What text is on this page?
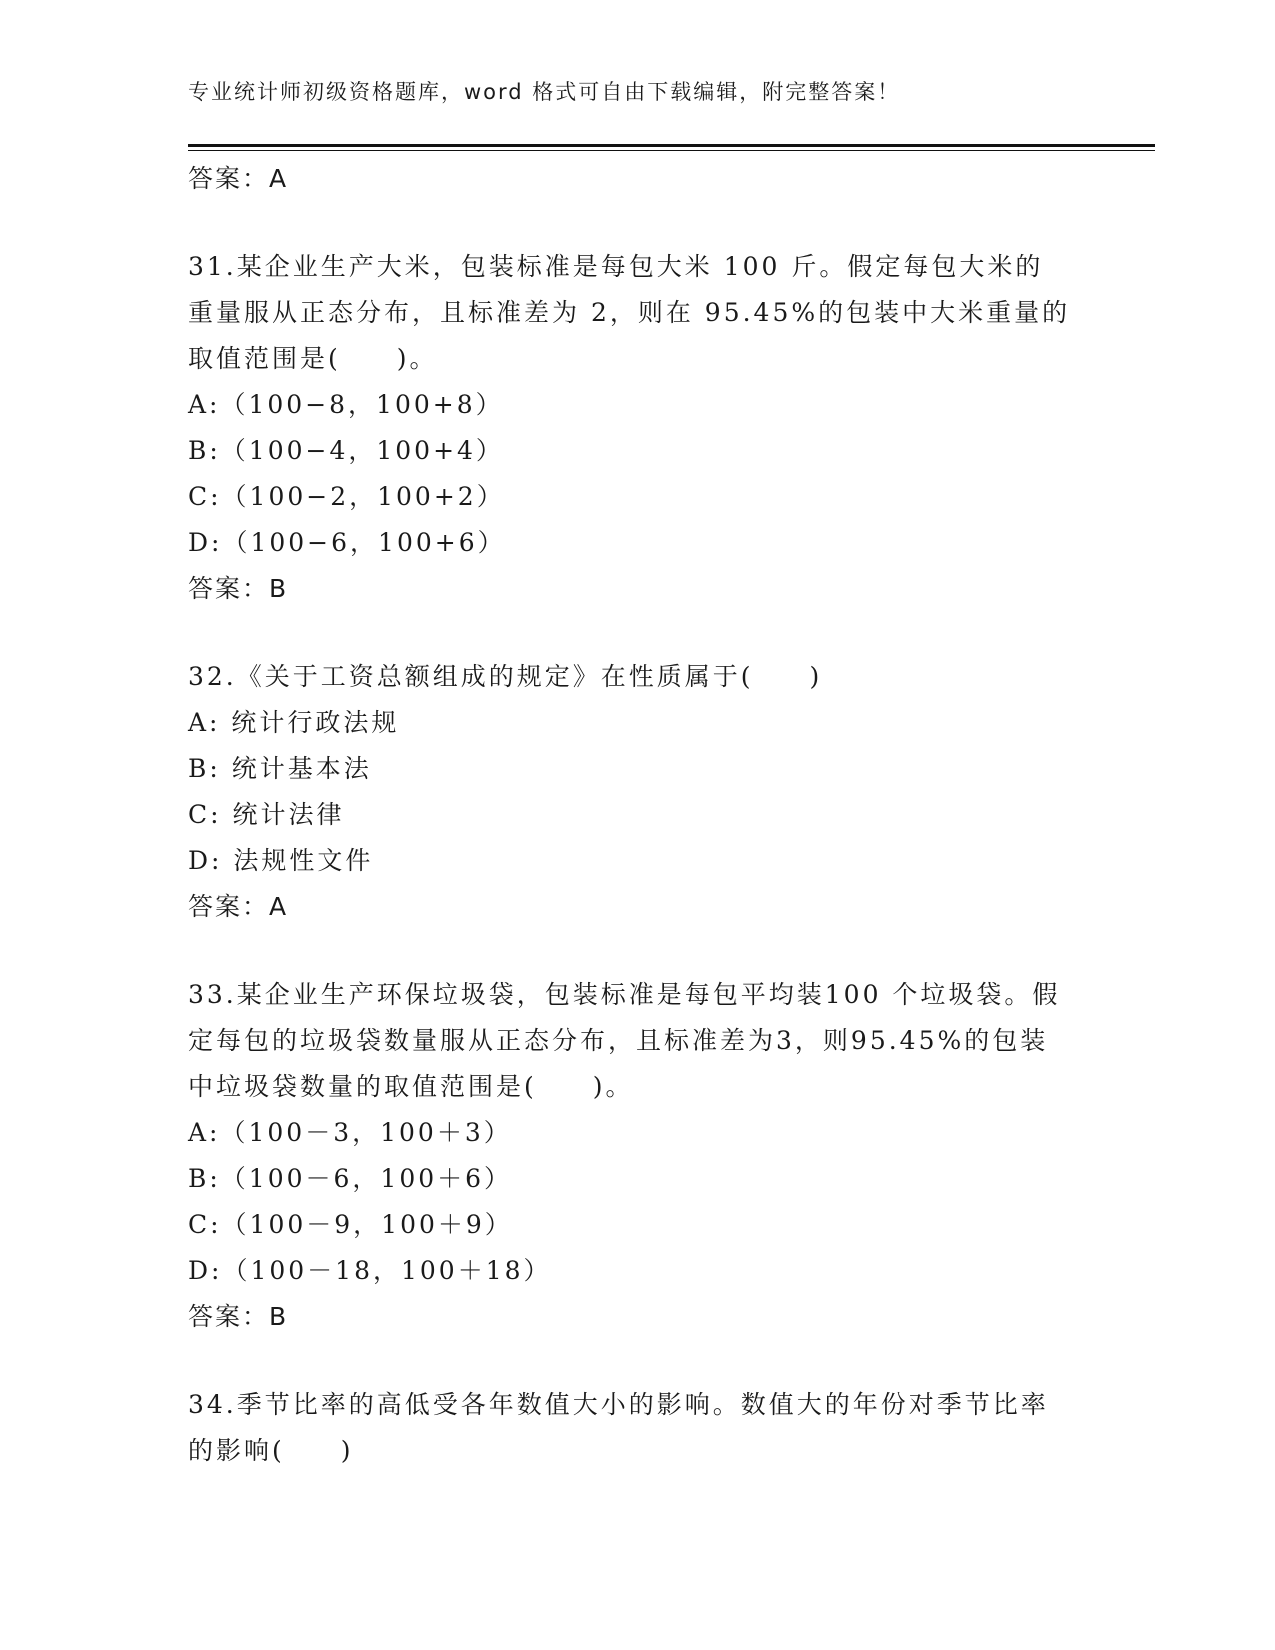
专业统计师初级资格题库，word 格式可自由下载编辑，附完整答案！
答案：A
31.某企业生产大米，包装标准是每包大米 100 斤。假定每包大米的
重量服从正态分布，且标准差为 2，则在 95.45%的包装中大米重量的
取值范围是(　　)。
A:（100−8，100+8）
B:（100−4，100+4）
C:（100−2，100+2）
D:（100−6，100+6）
答案：B
32.《关于工资总额组成的规定》在性质属于(　　)
A: 统计行政法规
B: 统计基本法
C: 统计法律
D: 法规性文件
答案：A
33.某企业生产环保垃圾袋，包装标准是每包平均装100 个垃圾袋。假
定每包的垃圾袋数量服从正态分布，且标准差为3，则95.45%的包装
中垃圾袋数量的取值范围是(　　)。
A:（100－3，100＋3）
B:（100－6，100＋6）
C:（100－9，100＋9）
D:（100－18，100＋18）
答案：B
34.季节比率的高低受各年数值大小的影响。数值大的年份对季节比率
的影响(　　)
